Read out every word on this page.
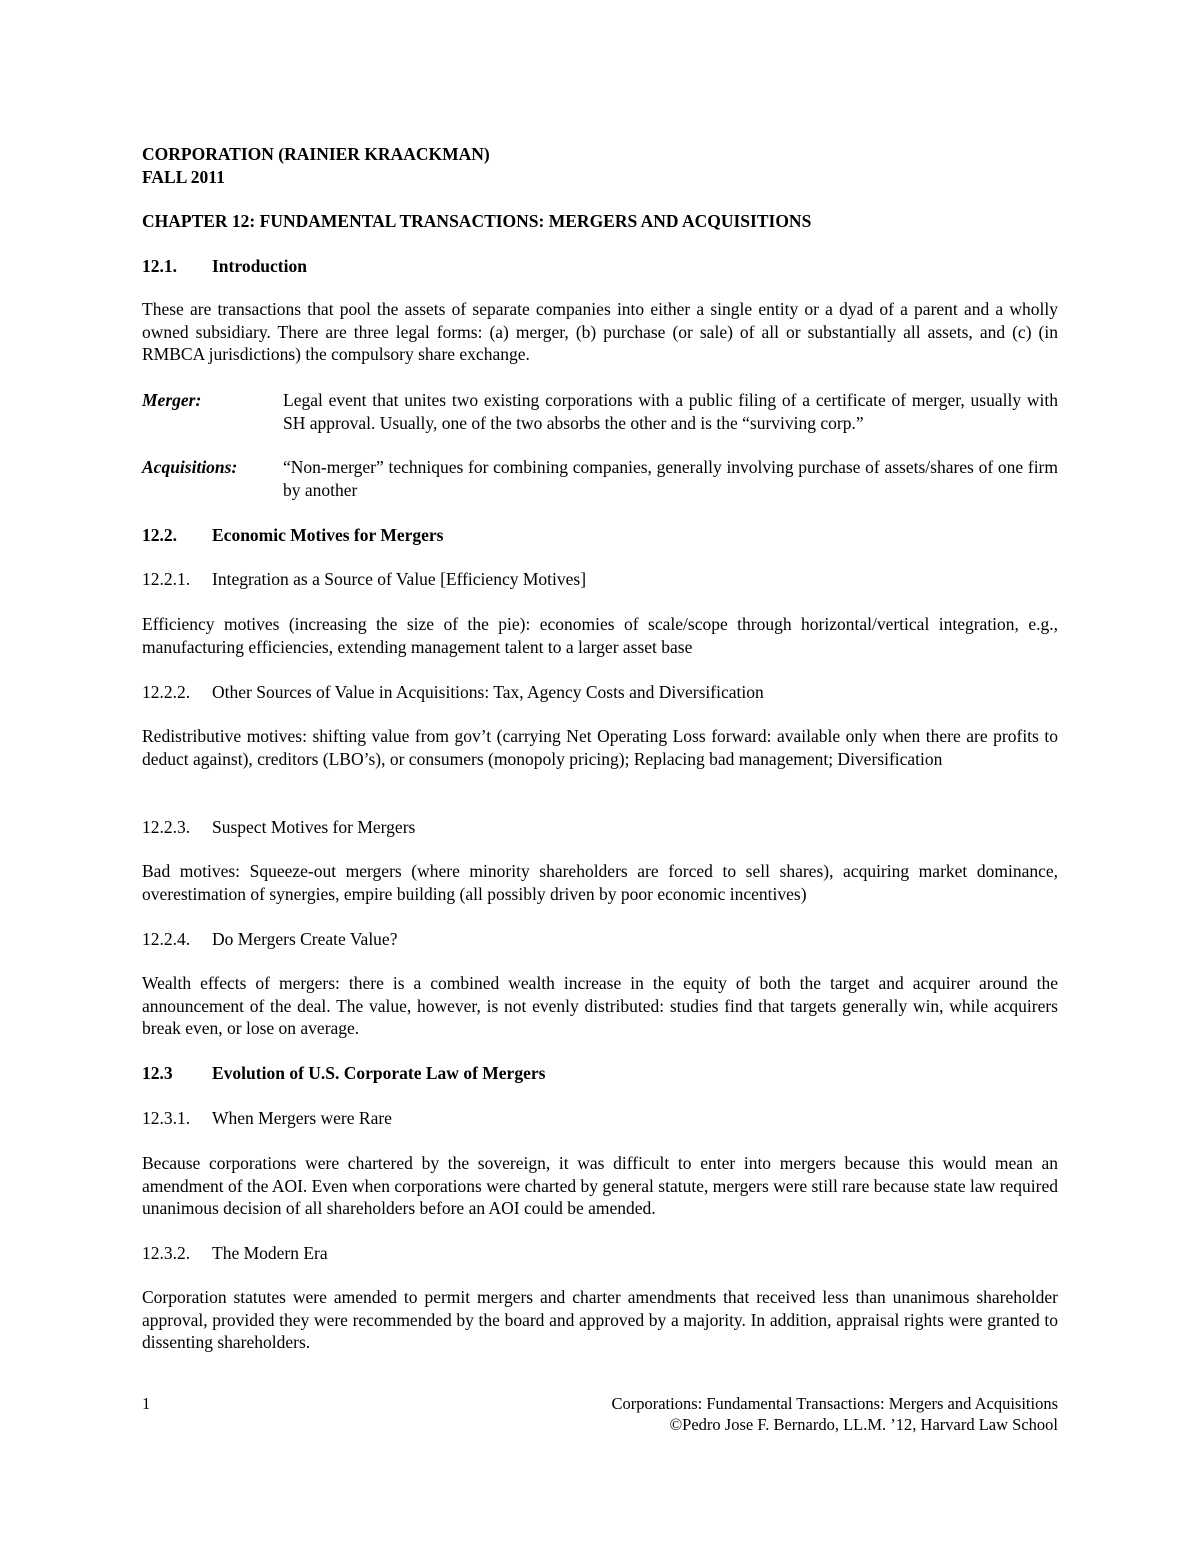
CORPORATION (RAINIER KRAACKMAN)
FALL 2011
CHAPTER 12: FUNDAMENTAL TRANSACTIONS: MERGERS AND ACQUISITIONS
12.1. Introduction
These are transactions that pool the assets of separate companies into either a single entity or a dyad of a parent and a wholly owned subsidiary. There are three legal forms: (a) merger, (b) purchase (or sale) of all or substantially all assets, and (c) (in RMBCA jurisdictions) the compulsory share exchange.
Merger:	Legal event that unites two existing corporations with a public filing of a certificate of merger, usually with SH approval. Usually, one of the two absorbs the other and is the “surviving corp.”
Acquisitions:	“Non-merger” techniques for combining companies, generally involving purchase of assets/shares of one firm by another
12.2. Economic Motives for Mergers
12.2.1. Integration as a Source of Value [Efficiency Motives]
Efficiency motives (increasing the size of the pie): economies of scale/scope through horizontal/vertical integration, e.g., manufacturing efficiencies, extending management talent to a larger asset base
12.2.2. Other Sources of Value in Acquisitions: Tax, Agency Costs and Diversification
Redistributive motives: shifting value from gov’t (carrying Net Operating Loss forward: available only when there are profits to deduct against), creditors (LBO’s), or consumers (monopoly pricing); Replacing bad management; Diversification
12.2.3. Suspect Motives for Mergers
Bad motives: Squeeze-out mergers (where minority shareholders are forced to sell shares), acquiring market dominance, overestimation of synergies, empire building (all possibly driven by poor economic incentives)
12.2.4. Do Mergers Create Value?
Wealth effects of mergers: there is a combined wealth increase in the equity of both the target and acquirer around the announcement of the deal. The value, however, is not evenly distributed: studies find that targets generally win, while acquirers break even, or lose on average.
12.3 Evolution of U.S. Corporate Law of Mergers
12.3.1. When Mergers were Rare
Because corporations were chartered by the sovereign, it was difficult to enter into mergers because this would mean an amendment of the AOI. Even when corporations were charted by general statute, mergers were still rare because state law required unanimous decision of all shareholders before an AOI could be amended.
12.3.2. The Modern Era
Corporation statutes were amended to permit mergers and charter amendments that received less than unanimous shareholder approval, provided they were recommended by the board and approved by a majority. In addition, appraisal rights were granted to dissenting shareholders.
1	Corporations: Fundamental Transactions: Mergers and Acquisitions
©Pedro Jose F. Bernardo, LL.M. ’12, Harvard Law School
